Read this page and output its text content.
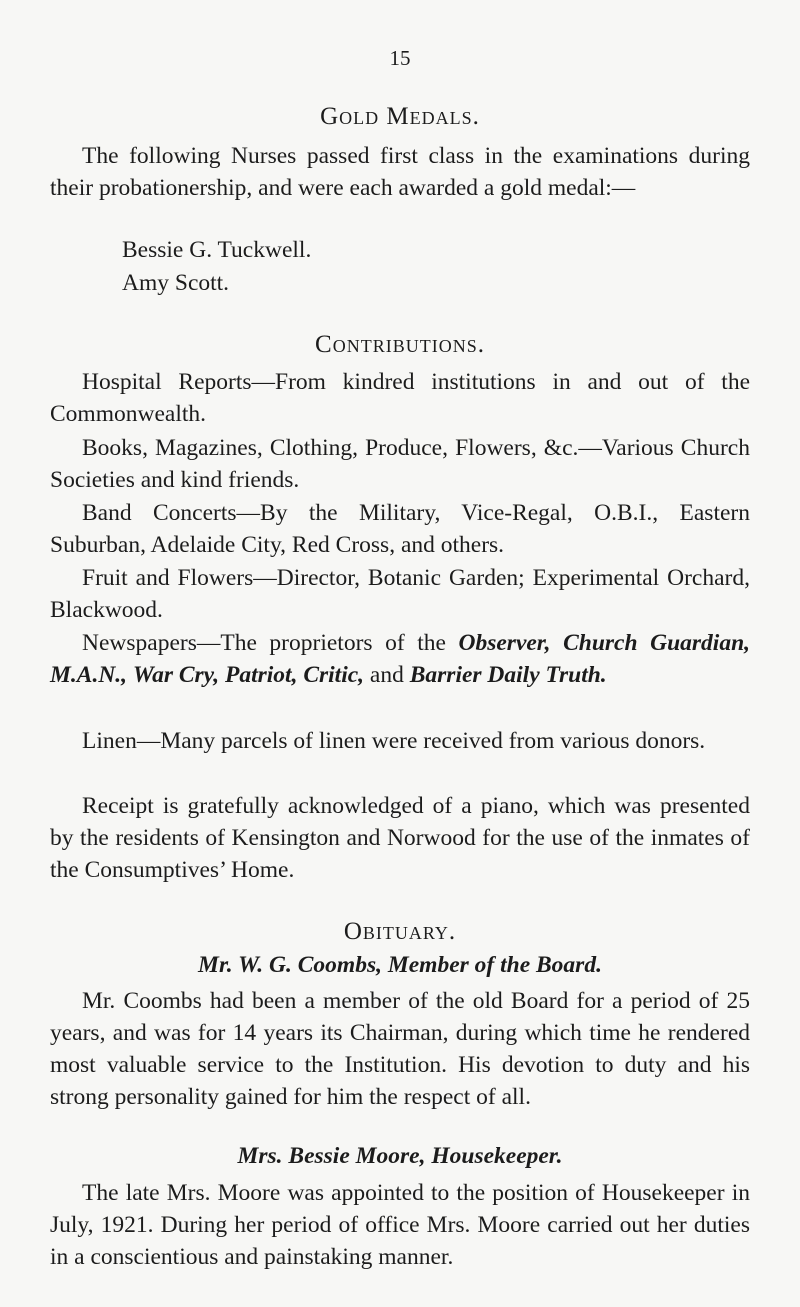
15
Gold Medals.
The following Nurses passed first class in the examinations during their probationership, and were each awarded a gold medal:—
Bessie G. Tuckwell.
Amy Scott.
Contributions.
Hospital Reports—From kindred institutions in and out of the Commonwealth.
Books, Magazines, Clothing, Produce, Flowers, &c.—Various Church Societies and kind friends.
Band Concerts—By the Military, Vice-Regal, O.B.I., Eastern Suburban, Adelaide City, Red Cross, and others.
Fruit and Flowers—Director, Botanic Garden; Experimental Orchard, Blackwood.
Newspapers—The proprietors of the Observer, Church Guardian, M.A.N., War Cry, Patriot, Critic, and Barrier Daily Truth.
Linen—Many parcels of linen were received from various donors.
Receipt is gratefully acknowledged of a piano, which was presented by the residents of Kensington and Norwood for the use of the inmates of the Consumptives’ Home.
Obituary.
Mr. W. G. Coombs, Member of the Board.
Mr. Coombs had been a member of the old Board for a period of 25 years, and was for 14 years its Chairman, during which time he rendered most valuable service to the Institution. His devotion to duty and his strong personality gained for him the respect of all.
Mrs. Bessie Moore, Housekeeper.
The late Mrs. Moore was appointed to the position of Housekeeper in July, 1921. During her period of office Mrs. Moore carried out her duties in a conscientious and painstaking manner.
